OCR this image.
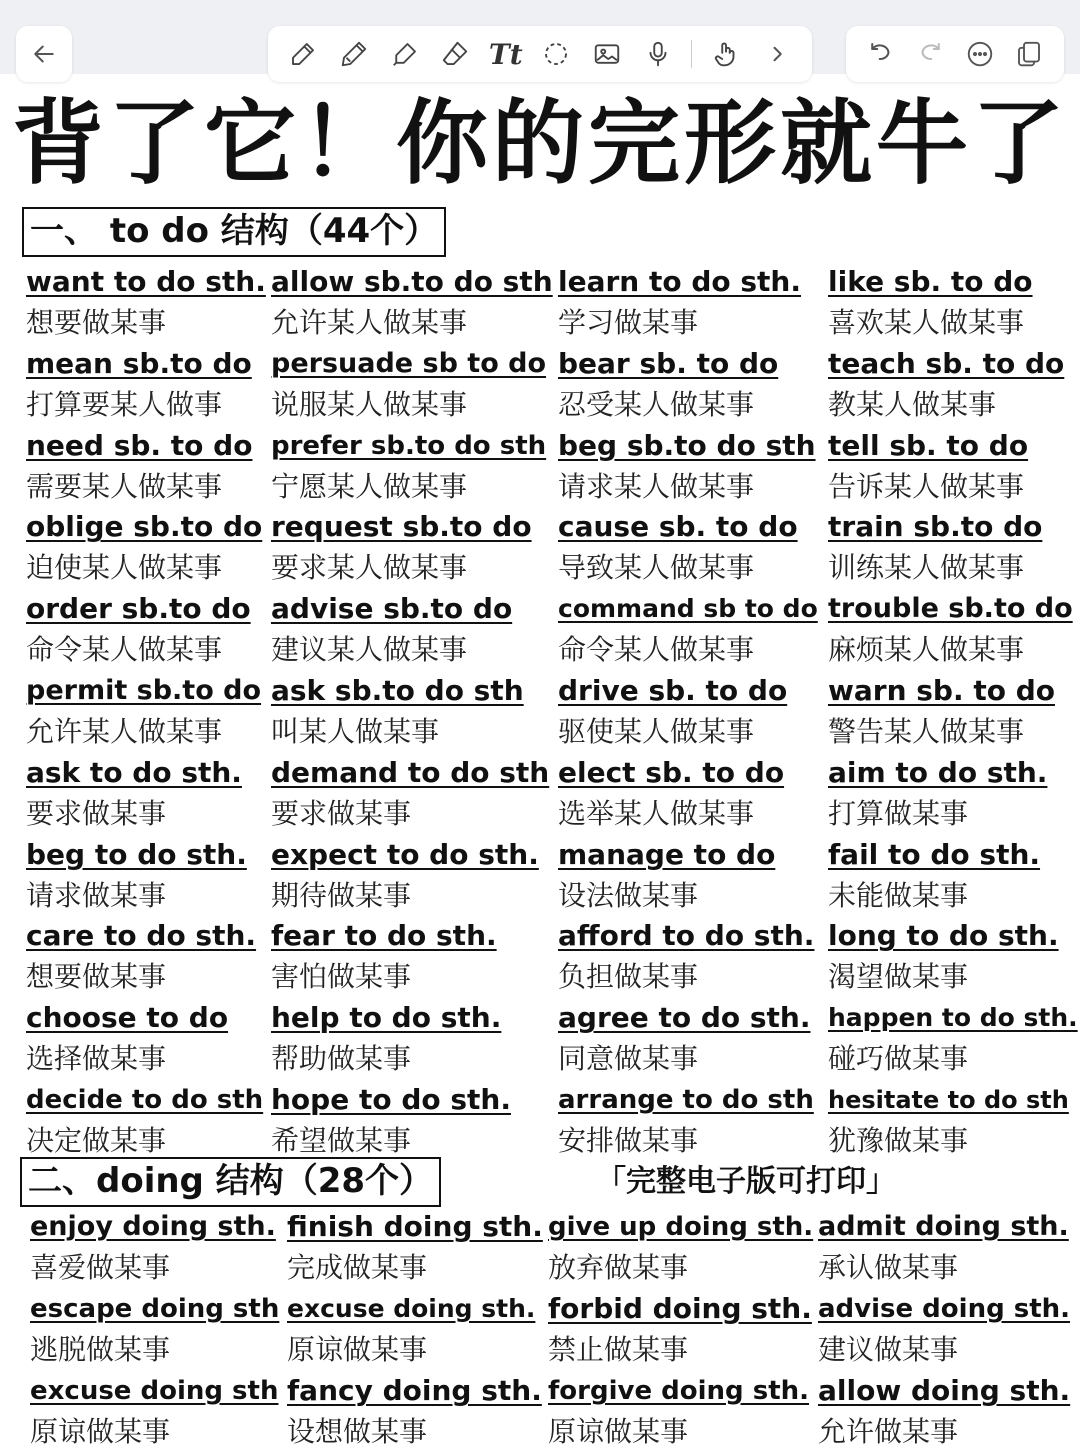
Tt
背了它！你的完形就牛了
一、 to do 结构（44个）
want to do sth.
想要做某事
mean sb.to do
打算要某人做事
need sb. to do
需要某人做某事
oblige sb.to do
迫使某人做某事
order sb.to do
命令某人做某事
permit sb.to do
允许某人做某事
ask to do sth.
要求做某事
beg to do sth.
请求做某事
care to do sth.
想要做某事
choose to do
选择做某事
decide to do sth
决定做某事
allow sb.to do sth
允许某人做某事
persuade sb to do
说服某人做某事
prefer sb.to do sth
宁愿某人做某事
request sb.to do
要求某人做某事
advise sb.to do
建议某人做某事
ask sb.to do sth
叫某人做某事
demand to do sth
要求做某事
expect to do sth.
期待做某事
fear to do sth.
害怕做某事
help to do sth.
帮助做某事
hope to do sth.
希望做某事
learn to do sth.
学习做某事
bear sb. to do
忍受某人做某事
beg sb.to do sth
请求某人做某事
cause sb. to do
导致某人做某事
command sb to do
命令某人做某事
drive sb. to do
驱使某人做某事
elect sb. to do
选举某人做某事
manage to do
设法做某事
afford to do sth.
负担做某事
agree to do sth.
同意做某事
arrange to do sth
安排做某事
like sb. to do
喜欢某人做某事
teach sb. to do
教某人做某事
tell sb. to do
告诉某人做某事
train sb.to do
训练某人做某事
trouble sb.to do
麻烦某人做某事
warn sb. to do
警告某人做某事
aim to do sth.
打算做某事
fail to do sth.
未能做某事
long to do sth.
渴望做某事
happen to do sth.
碰巧做某事
hesitate to do sth
犹豫做某事
二、doing 结构（28个）	「完整电子版可打印」
enjoy doing sth.
喜爱做某事
escape doing sth
逃脱做某事
excuse doing sth
原谅做某事
finish doing sth.
完成做某事
excuse doing sth.
原谅做某事
fancy doing sth.
设想做某事
give up doing sth.
放弃做某事
forbid doing sth.
禁止做某事
forgive doing sth.
原谅做某事
admit doing sth.
承认做某事
advise doing sth.
建议做某事
allow doing sth.
允许做某事
